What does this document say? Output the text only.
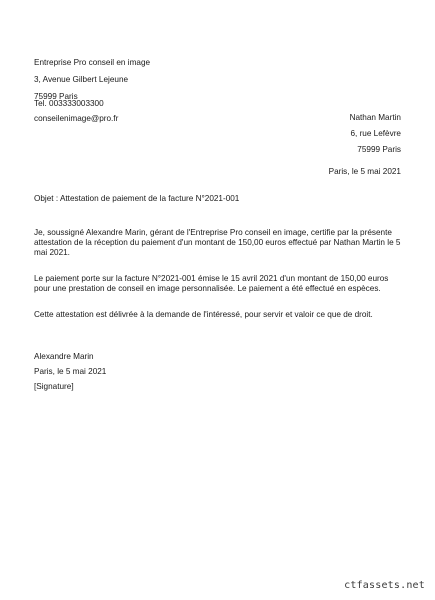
Entreprise Pro conseil en image
3, Avenue Gilbert Lejeune
75999 Paris
Tel. 003333003300
conseilenimage@pro.fr	Nathan Martin
6, rue Lefèvre
75999 Paris
Paris, le 5 mai 2021
Objet : Attestation de paiement de la facture N°2021-001
Je, soussigné Alexandre Marin, gérant de l'Entreprise Pro conseil en image, certifie par la présente attestation de la réception du paiement d'un montant de 150,00 euros effectué par Nathan Martin le 5 mai 2021.
Le paiement porte sur la facture N°2021-001 émise le 15 avril 2021 d'un montant de 150,00 euros pour une prestation de conseil en image personnalisée. Le paiement a été effectué en espèces.
Cette attestation est délivrée à la demande de l'intéressé, pour servir et valoir ce que de droit.
Alexandre Marin
Paris, le 5 mai 2021
[Signature]
ctfassets.net
